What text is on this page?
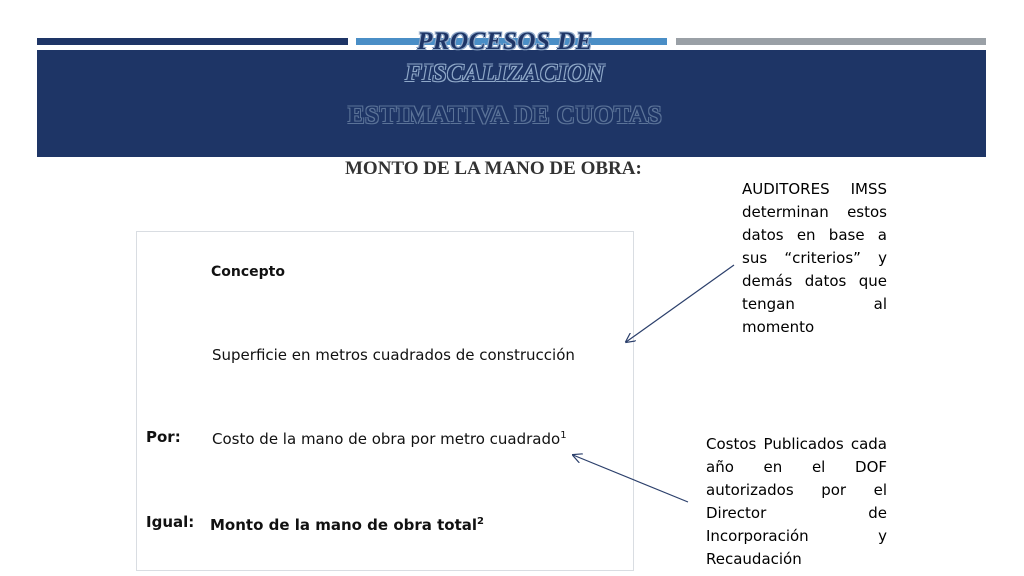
PROCESOS DE
FISCALIZACION
ESTIMATIVA DE CUOTAS
MONTO DE LA MANO DE OBRA:
Concepto
Superficie en metros cuadrados de construcción
Por: Costo de la mano de obra por metro cuadrado$^1$
Igual: Monto de la mano de obra total$^2$
AUDITORES IMSS determinan estos datos en base a sus “criterios” y demás datos que tengan al momento
Costos Publicados cada año en el DOF autorizados por el Director de Incorporación y Recaudación
